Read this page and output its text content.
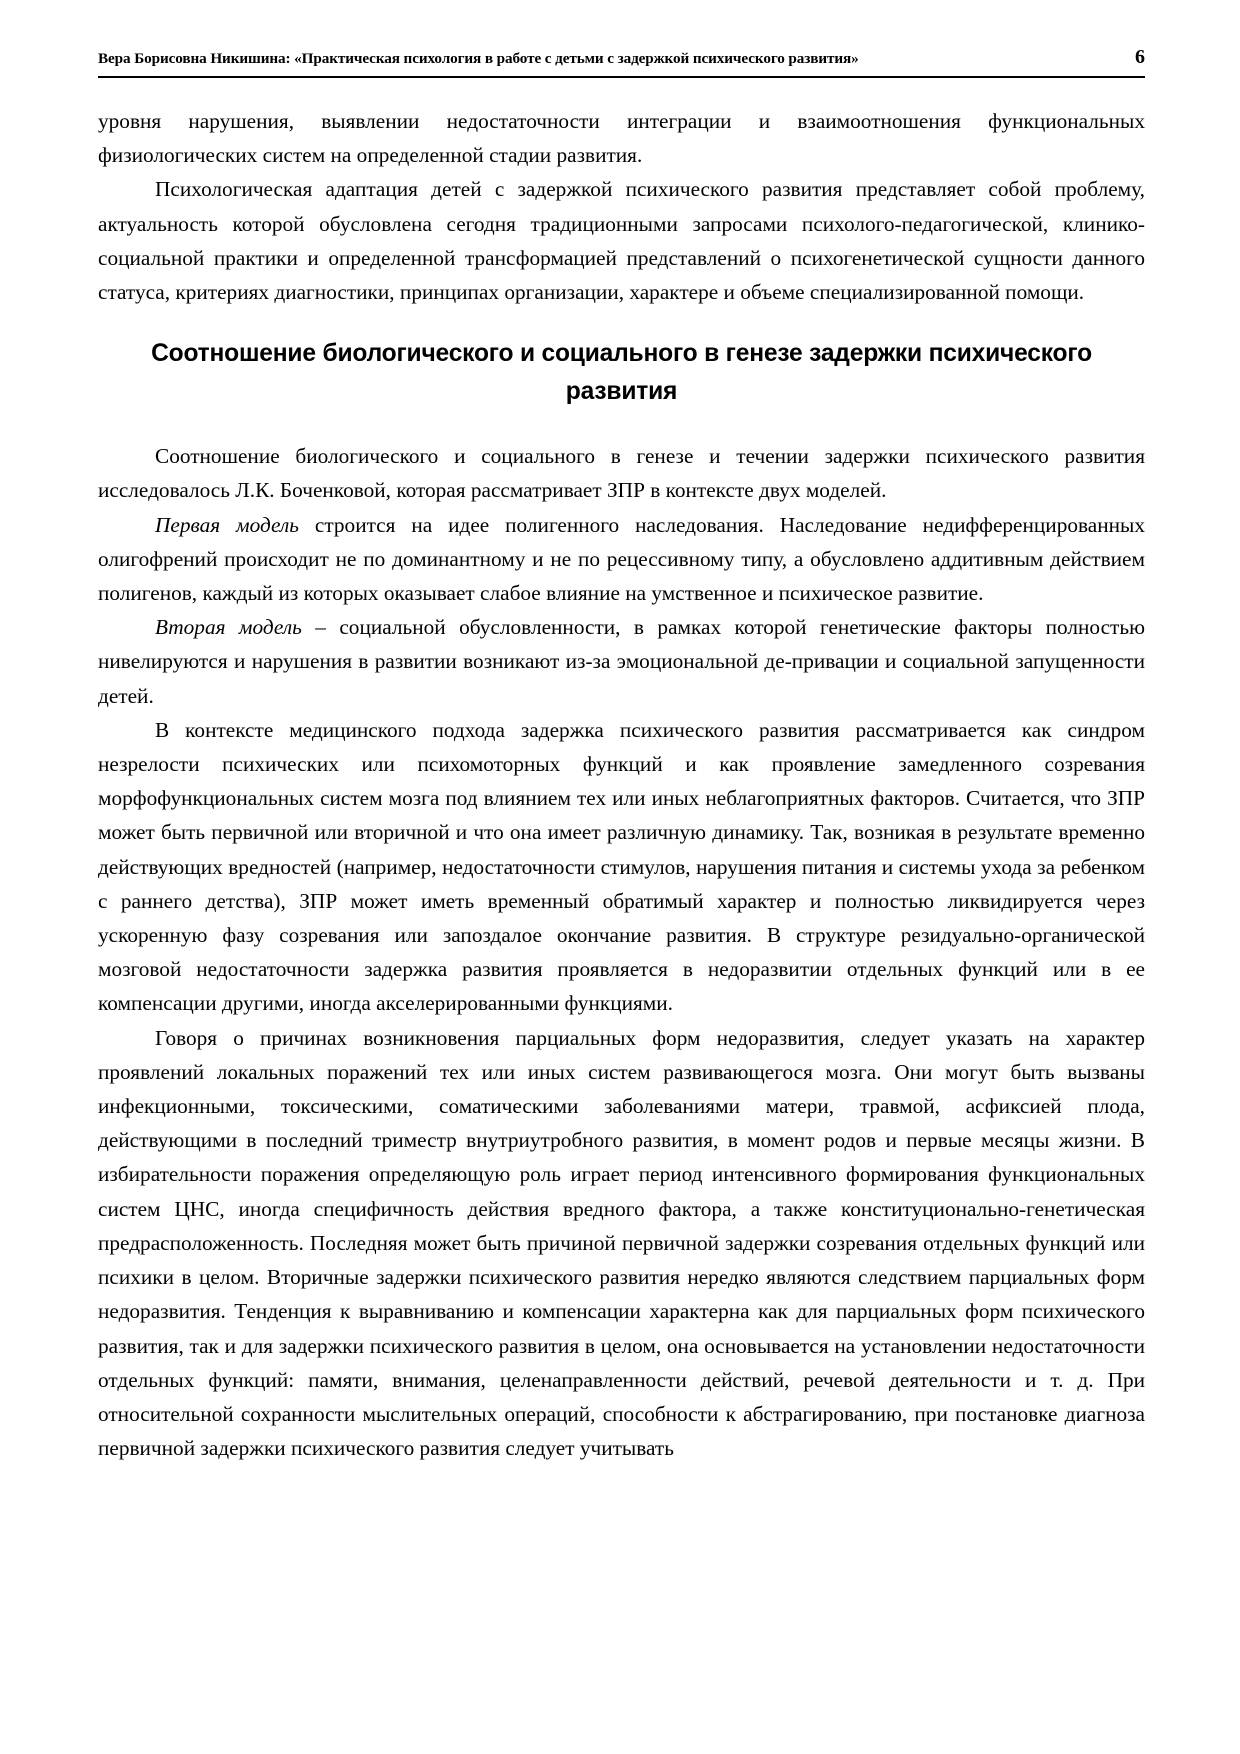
Вера Борисовна Никишина: «Практическая психология в работе с детьми с задержкой психического развития»	6

уровня нарушения, выявлении недостаточности интеграции и взаимоотношения функциональных физиологических систем на определенной стадии развития.

Психологическая адаптация детей с задержкой психического развития представляет собой проблему, актуальность которой обусловлена сегодня традиционными запросами психолого-педагогической, клинико-социальной практики и определенной трансформацией представлений о психогенетической сущности данного статуса, критериях диагностики, принципах организации, характере и объеме специализированной помощи.

Соотношение биологического и социального в генезе задержки психического развития

Соотношение биологического и социального в генезе и течении задержки психического развития исследовалось Л.К. Боченковой, которая рассматривает ЗПР в контексте двух моделей.

Первая модель строится на идее полигенного наследования. Наследование недифференцированных олигофрений происходит не по доминантному и не по рецессивному типу, а обусловлено аддитивным действием полигенов, каждый из которых оказывает слабое влияние на умственное и психическое развитие.

Вторая модель – социальной обусловленности, в рамках которой генетические факторы полностью нивелируются и нарушения в развитии возникают из-за эмоциональной де-привации и социальной запущенности детей.

В контексте медицинского подхода задержка психического развития рассматривается как синдром незрелости психических или психомоторных функций и как проявление замедленного созревания морфофункциональных систем мозга под влиянием тех или иных неблагоприятных факторов. Считается, что ЗПР может быть первичной или вторичной и что она имеет различную динамику. Так, возникая в результате временно действующих вредностей (например, недостаточности стимулов, нарушения питания и системы ухода за ребенком с раннего детства), ЗПР может иметь временный обратимый характер и полностью ликвидируется через ускоренную фазу созревания или запоздалое окончание развития. В структуре резидуально-органической мозговой недостаточности задержка развития проявляется в недоразвитии отдельных функций или в ее компенсации другими, иногда акселерированными функциями.

Говоря о причинах возникновения парциальных форм недоразвития, следует указать на характер проявлений локальных поражений тех или иных систем развивающегося мозга. Они могут быть вызваны инфекционными, токсическими, соматическими заболеваниями матери, травмой, асфиксией плода, действующими в последний триместр внутриутробного развития, в момент родов и первые месяцы жизни. В избирательности поражения определяющую роль играет период интенсивного формирования функциональных систем ЦНС, иногда специфичность действия вредного фактора, а также конституционально-генетическая предрасположенность. Последняя может быть причиной первичной задержки созревания отдельных функций или психики в целом. Вторичные задержки психического развития нередко являются следствием парциальных форм недоразвития. Тенденция к выравниванию и компенсации характерна как для парциальных форм психического развития, так и для задержки психического развития в целом, она основывается на установлении недостаточности отдельных функций: памяти, внимания, целенаправленности действий, речевой деятельности и т. д. При относительной сохранности мыслительных операций, способности к абстрагированию, при постановке диагноза первичной задержки психического развития следует учитывать
